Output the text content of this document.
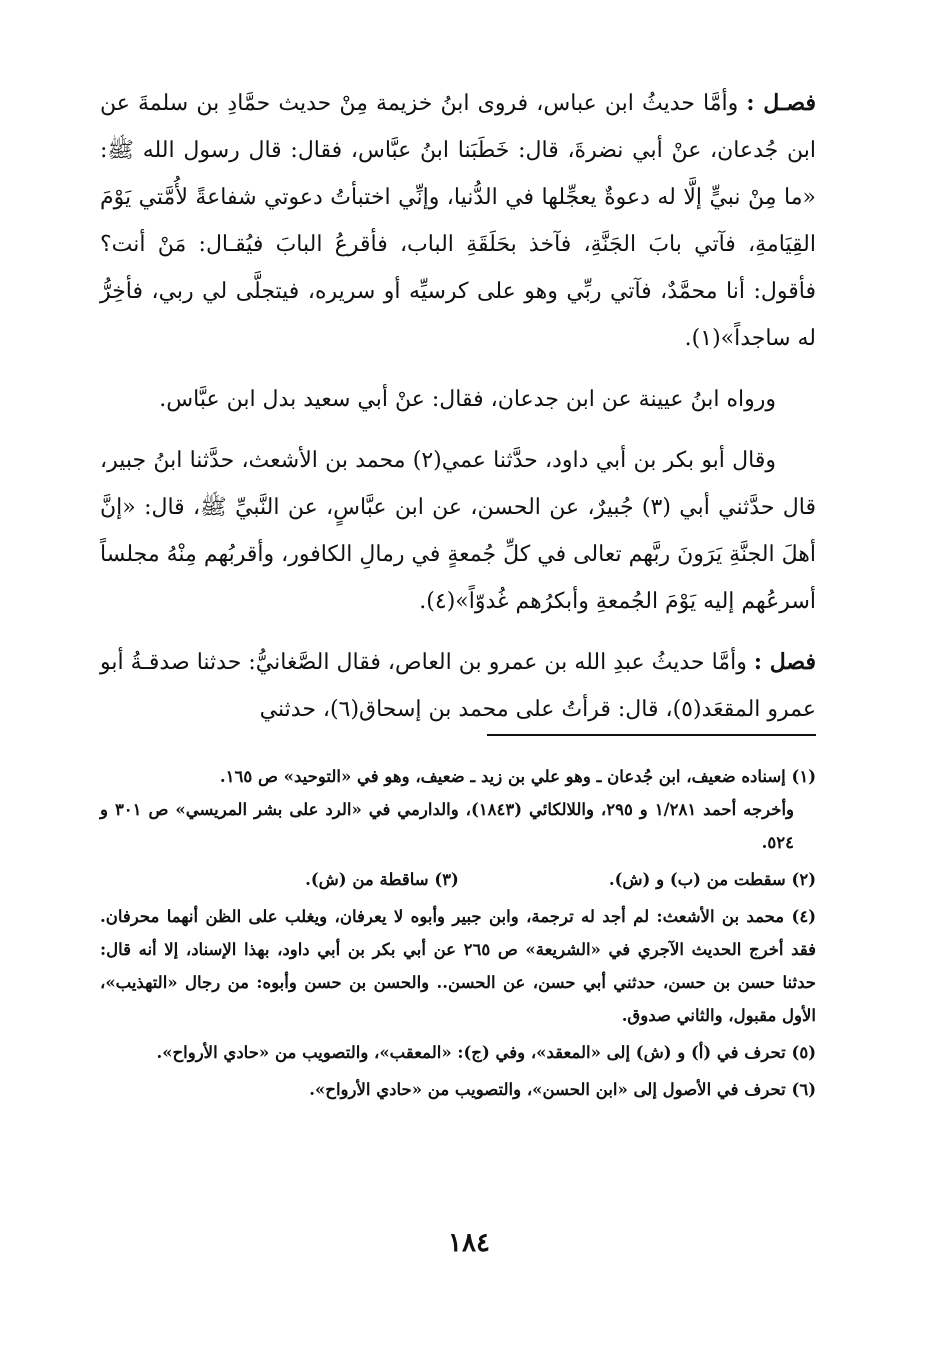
فصـل : وأمَّا حديثُ ابن عباس، فروى ابنُ خزيمة مِنْ حديث حمَّادِ بن سلمةَ عن ابن جُدعان، عنْ أبي نضرةَ، قال: خَطَبَنا ابنُ عبَّاس، فقال: قال رسول الله ﷺ: «ما مِنْ نبيٍّ إلَّا له دعوةٌ يعجِّلها في الدُّنيا، وإنِّي اختبأتُ دعوتي شفاعةً لأُمَّتي يَوْمَ القِيَامةِ، فآتي بابَ الجَنَّةِ، فآخذ بحَلَقَةِ الباب، فأقرعُ البابَ فيُقـال: مَنْ أنت؟ فأقول: أنا محمَّدٌ، فآتي ربِّي وهو على كرسيِّه أو سريره، فيتجلَّى لي ربي، فأخِرُّ له ساجداً»(١).

ورواه ابنُ عيينة عن ابن جدعان، فقال: عنْ أبي سعيد بدل ابن عبَّاس.

وقال أبو بكر بن أبي داود، حدَّثنا عمي(٢) محمد بن الأشعث، حدَّثنا ابنُ جبير، قال حدَّثني أبي (٣) جُبيرٌ، عن الحسن، عن ابن عبَّاسٍ، عن النَّبيِّ ﷺ، قال: «إنَّ أهلَ الجنَّةِ يَرَونَ ربَّهم تعالى في كلِّ جُمعةٍ في رمالِ الكافور، وأقربُهم مِنْهُ مجلساً أسرعُهم إليه يَوْمَ الجُمعةِ وأبكرُهم غُدوّاً»(٤).

فصل : وأمَّا حديثُ عبدِ الله بن عمرو بن العاص، فقال الصَّغانيُّ: حدثنا صدقـةُ أبو عمرو المقعَد(٥)، قال: قرأتُ على محمد بن إسحاق(٦)، حدثني

(١) إسناده ضعيف، ابن جُدعان ـ وهو علي بن زيد ـ ضعيف، وهو في «التوحيد» ص ١٦٥.
وأخرجه أحمد ١/٢٨١ و ٢٩٥، واللالكائي (١٨٤٣)، والدارمي في «الرد على بشر المريسي» ص ٣٠١ و ٥٢٤.
(٢) سقطت من (ب) و (ش).
(٣) ساقطة من (ش).
(٤) محمد بن الأشعث: لم أجد له ترجمة، وابن جبير وأبوه لا يعرفان، ويغلب على الظن أنهما محرفان. فقد أخرج الحديث الآجري في «الشريعة» ص ٢٦٥ عن أبي بكر بن أبي داود، بهذا الإسناد، إلا أنه قال: حدثنا حسن بن حسن، حدثني أبي حسن، عن الحسن.. والحسن بن حسن وأبوه: من رجال «التهذيب»، الأول مقبول، والثاني صدوق.
(٥) تحرف في (أ) و (ش) إلى «المعقد»، وفي (ج): «المعقب»، والتصويب من «حادي الأرواح».
(٦) تحرف في الأصول إلى «ابن الحسن»، والتصويب من «حادي الأرواح».
١٨٤
